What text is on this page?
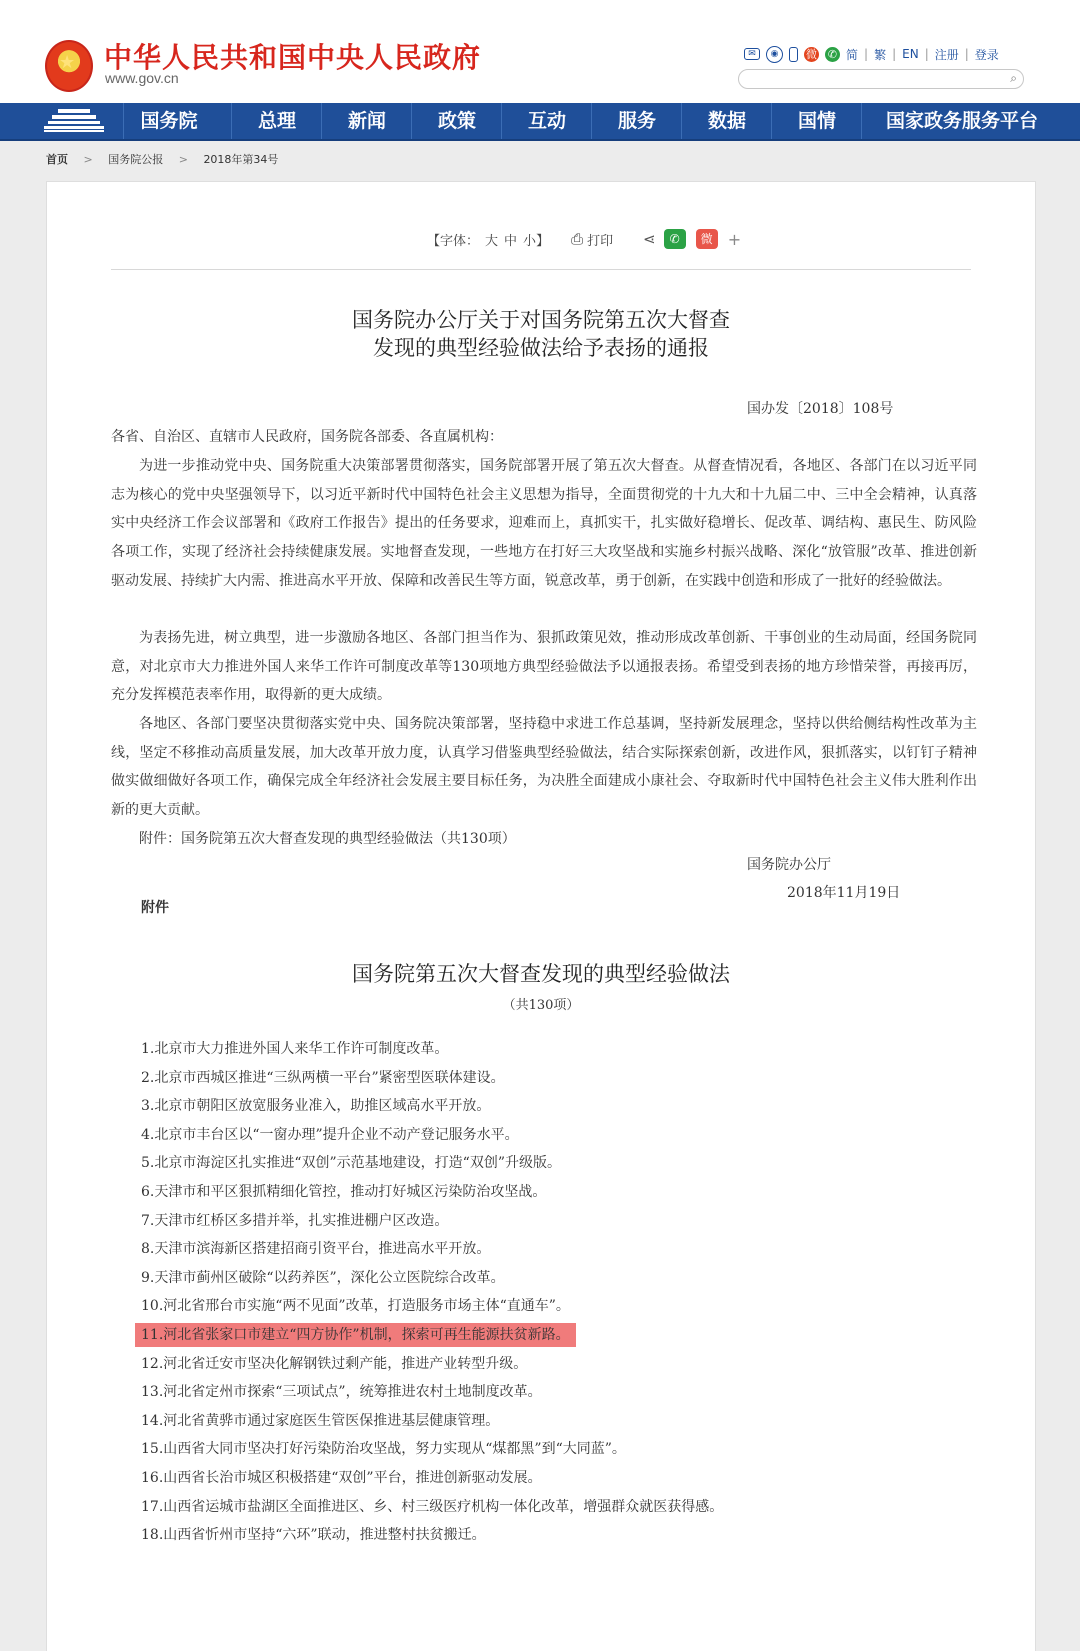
★ 中华人民共和国中央人民政府
www.gov.cn
✉	◉	微 ✆ 简 | 繁 | EN | 注册 | 登录
⌕
国务院	总理	新闻	政策	互动	服务	数据	国情	国家政务服务平台
首页 > 国务院公报 > 2018年第34号
【字体： 大 中 小 】 ⎙ 打印 ⋖	✆	微 +
国务院办公厅关于对国务院第五次大督查
发现的典型经验做法给予表扬的通报
国办发〔2018〕108号
各省、自治区、直辖市人民政府，国务院各部委、各直属机构：
为进一步推动党中央、国务院重大决策部署贯彻落实，国务院部署开展了第五次大督查。从督查情况看，各地区、各部门在以习近平同志为核心的党中央坚强领导下，以习近平新时代中国特色社会主义思想为指导，全面贯彻党的十九大和十九届二中、三中全会精神，认真落实中央经济工作会议部署和《政府工作报告》提出的任务要求，迎难而上，真抓实干，扎实做好稳增长、促改革、调结构、惠民生、防风险各项工作，实现了经济社会持续健康发展。实地督查发现，一些地方在打好三大攻坚战和实施乡村振兴战略、深化“放管服”改革、推进创新驱动发展、持续扩大内需、推进高水平开放、保障和改善民生等方面，锐意改革，勇于创新，在实践中创造和形成了一批好的经验做法。
为表扬先进，树立典型，进一步激励各地区、各部门担当作为、狠抓政策见效，推动形成改革创新、干事创业的生动局面，经国务院同意，对北京市大力推进外国人来华工作许可制度改革等130项地方典型经验做法予以通报表扬。希望受到表扬的地方珍惜荣誉，再接再厉，充分发挥模范表率作用，取得新的更大成绩。
各地区、各部门要坚决贯彻落实党中央、国务院决策部署，坚持稳中求进工作总基调，坚持新发展理念，坚持以供给侧结构性改革为主线，坚定不移推动高质量发展，加大改革开放力度，认真学习借鉴典型经验做法，结合实际探索创新，改进作风，狠抓落实，以钉钉子精神做实做细做好各项工作，确保完成全年经济社会发展主要目标任务，为决胜全面建成小康社会、夺取新时代中国特色社会主义伟大胜利作出新的更大贡献。
附件：国务院第五次大督查发现的典型经验做法（共130项）
国务院办公厅
2018年11月19日
附件
国务院第五次大督查发现的典型经验做法
（共130项）
1.北京市大力推进外国人来华工作许可制度改革。
2.北京市西城区推进“三纵两横一平台”紧密型医联体建设。
3.北京市朝阳区放宽服务业准入，助推区域高水平开放。
4.北京市丰台区以“一窗办理”提升企业不动产登记服务水平。
5.北京市海淀区扎实推进“双创”示范基地建设，打造“双创”升级版。
6.天津市和平区狠抓精细化管控，推动打好城区污染防治攻坚战。
7.天津市红桥区多措并举，扎实推进棚户区改造。
8.天津市滨海新区搭建招商引资平台，推进高水平开放。
9.天津市蓟州区破除“以药养医”，深化公立医院综合改革。
10.河北省邢台市实施“两不见面”改革，打造服务市场主体“直通车”。
11.河北省张家口市建立“四方协作”机制，探索可再生能源扶贫新路。
12.河北省迁安市坚决化解钢铁过剩产能，推进产业转型升级。
13.河北省定州市探索“三项试点”，统筹推进农村土地制度改革。
14.河北省黄骅市通过家庭医生管医保推进基层健康管理。
15.山西省大同市坚决打好污染防治攻坚战，努力实现从“煤都黑”到“大同蓝”。
16.山西省长治市城区积极搭建“双创”平台，推进创新驱动发展。
17.山西省运城市盐湖区全面推进区、乡、村三级医疗机构一体化改革，增强群众就医获得感。
18.山西省忻州市坚持“六环”联动，推进整村扶贫搬迁。
